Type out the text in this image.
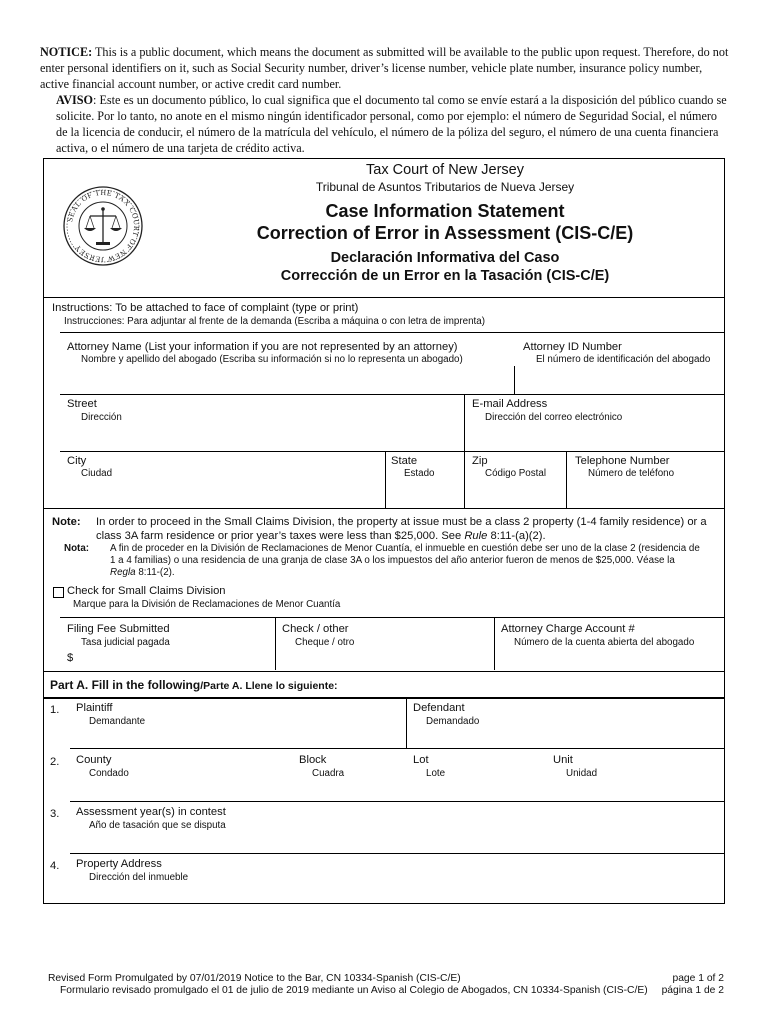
NOTICE: This is a public document, which means the document as submitted will be available to the public upon request. Therefore, do not enter personal identifiers on it, such as Social Security number, driver’s license number, vehicle plate number, insurance policy number, active financial account number, or active credit card number.

AVISO: Este es un documento público, lo cual significa que el documento tal como se envíe estará a la disposición del público cuando se solicite. Por lo tanto, no anote en el mismo ningún identificador personal, como por ejemplo: el número de Seguridad Social, el número de la licencia de conducir, el número de la matrícula del vehículo, el número de la póliza del seguro, el número de una cuenta financiera activa, o el número de una tarjeta de crédito activa.

SEAL OF THE TAX COURT OF NEW JERSEY
Tax Court of New Jersey
Tribunal de Asuntos Tributarios de Nueva Jersey
Case Information Statement
Correction of Error in Assessment (CIS-C/E)
Declaración Informativa del Caso
Corrección de un Error en la Tasación (CIS-C/E)
Instructions: To be attached to face of complaint (type or print)
Instrucciones: Para adjuntar al frente de la demanda (Escriba a máquina o con letra de imprenta)
Attorney Name (List your information if you are not represented by an attorney)
Nombre y apellido del abogado (Escriba su información si no lo representa un abogado)
Attorney ID Number
El número de identificación del abogado
Street
Dirección
E-mail Address
Dirección del correo electrónico
City
Ciudad
State
Estado
Zip
Código Postal
Telephone Number
Número de teléfono
Note: In order to proceed in the Small Claims Division, the property at issue must be a class 2 property (1-4 family residence) or a
class 3A farm residence or prior year’s taxes were less than $25,000. See Rule 8:11-(a)(2).
Nota: A fin de proceder en la División de Reclamaciones de Menor Cuantía, el inmueble en cuestión debe ser uno de la clase 2 (residencia de
1 a 4 familias) o una residencia de una granja de clase 3A o los impuestos del año anterior fueron de menos de $25,000. Véase la
Regla 8:11-(2).
Check for Small Claims Division
Marque para la División de Reclamaciones de Menor Cuantía
Filing Fee Submitted
Tasa judicial pagada
$
Check / other
Cheque / otro
Attorney Charge Account #
Número de la cuenta abierta del abogado
Part A. Fill in the following/Parte A. Llene lo siguiente:
1. Plaintiff
Demandante
Defendant
Demandado
2. County
Condado
Block
Cuadra
Lot
Lote
Unit
Unidad
3. Assessment year(s) in contest
Año de tasación que se disputa
4. Property Address
Dirección del inmueble
Revised Form Promulgated by 07/01/2019 Notice to the Bar, CN 10334-Spanish (CIS-C/E)
Formulario revisado promulgado el 01 de julio de 2019 mediante un Aviso al Colegio de Abogados, CN 10334-Spanish (CIS-C/E)
page 1 of 2
página 1 de 2
